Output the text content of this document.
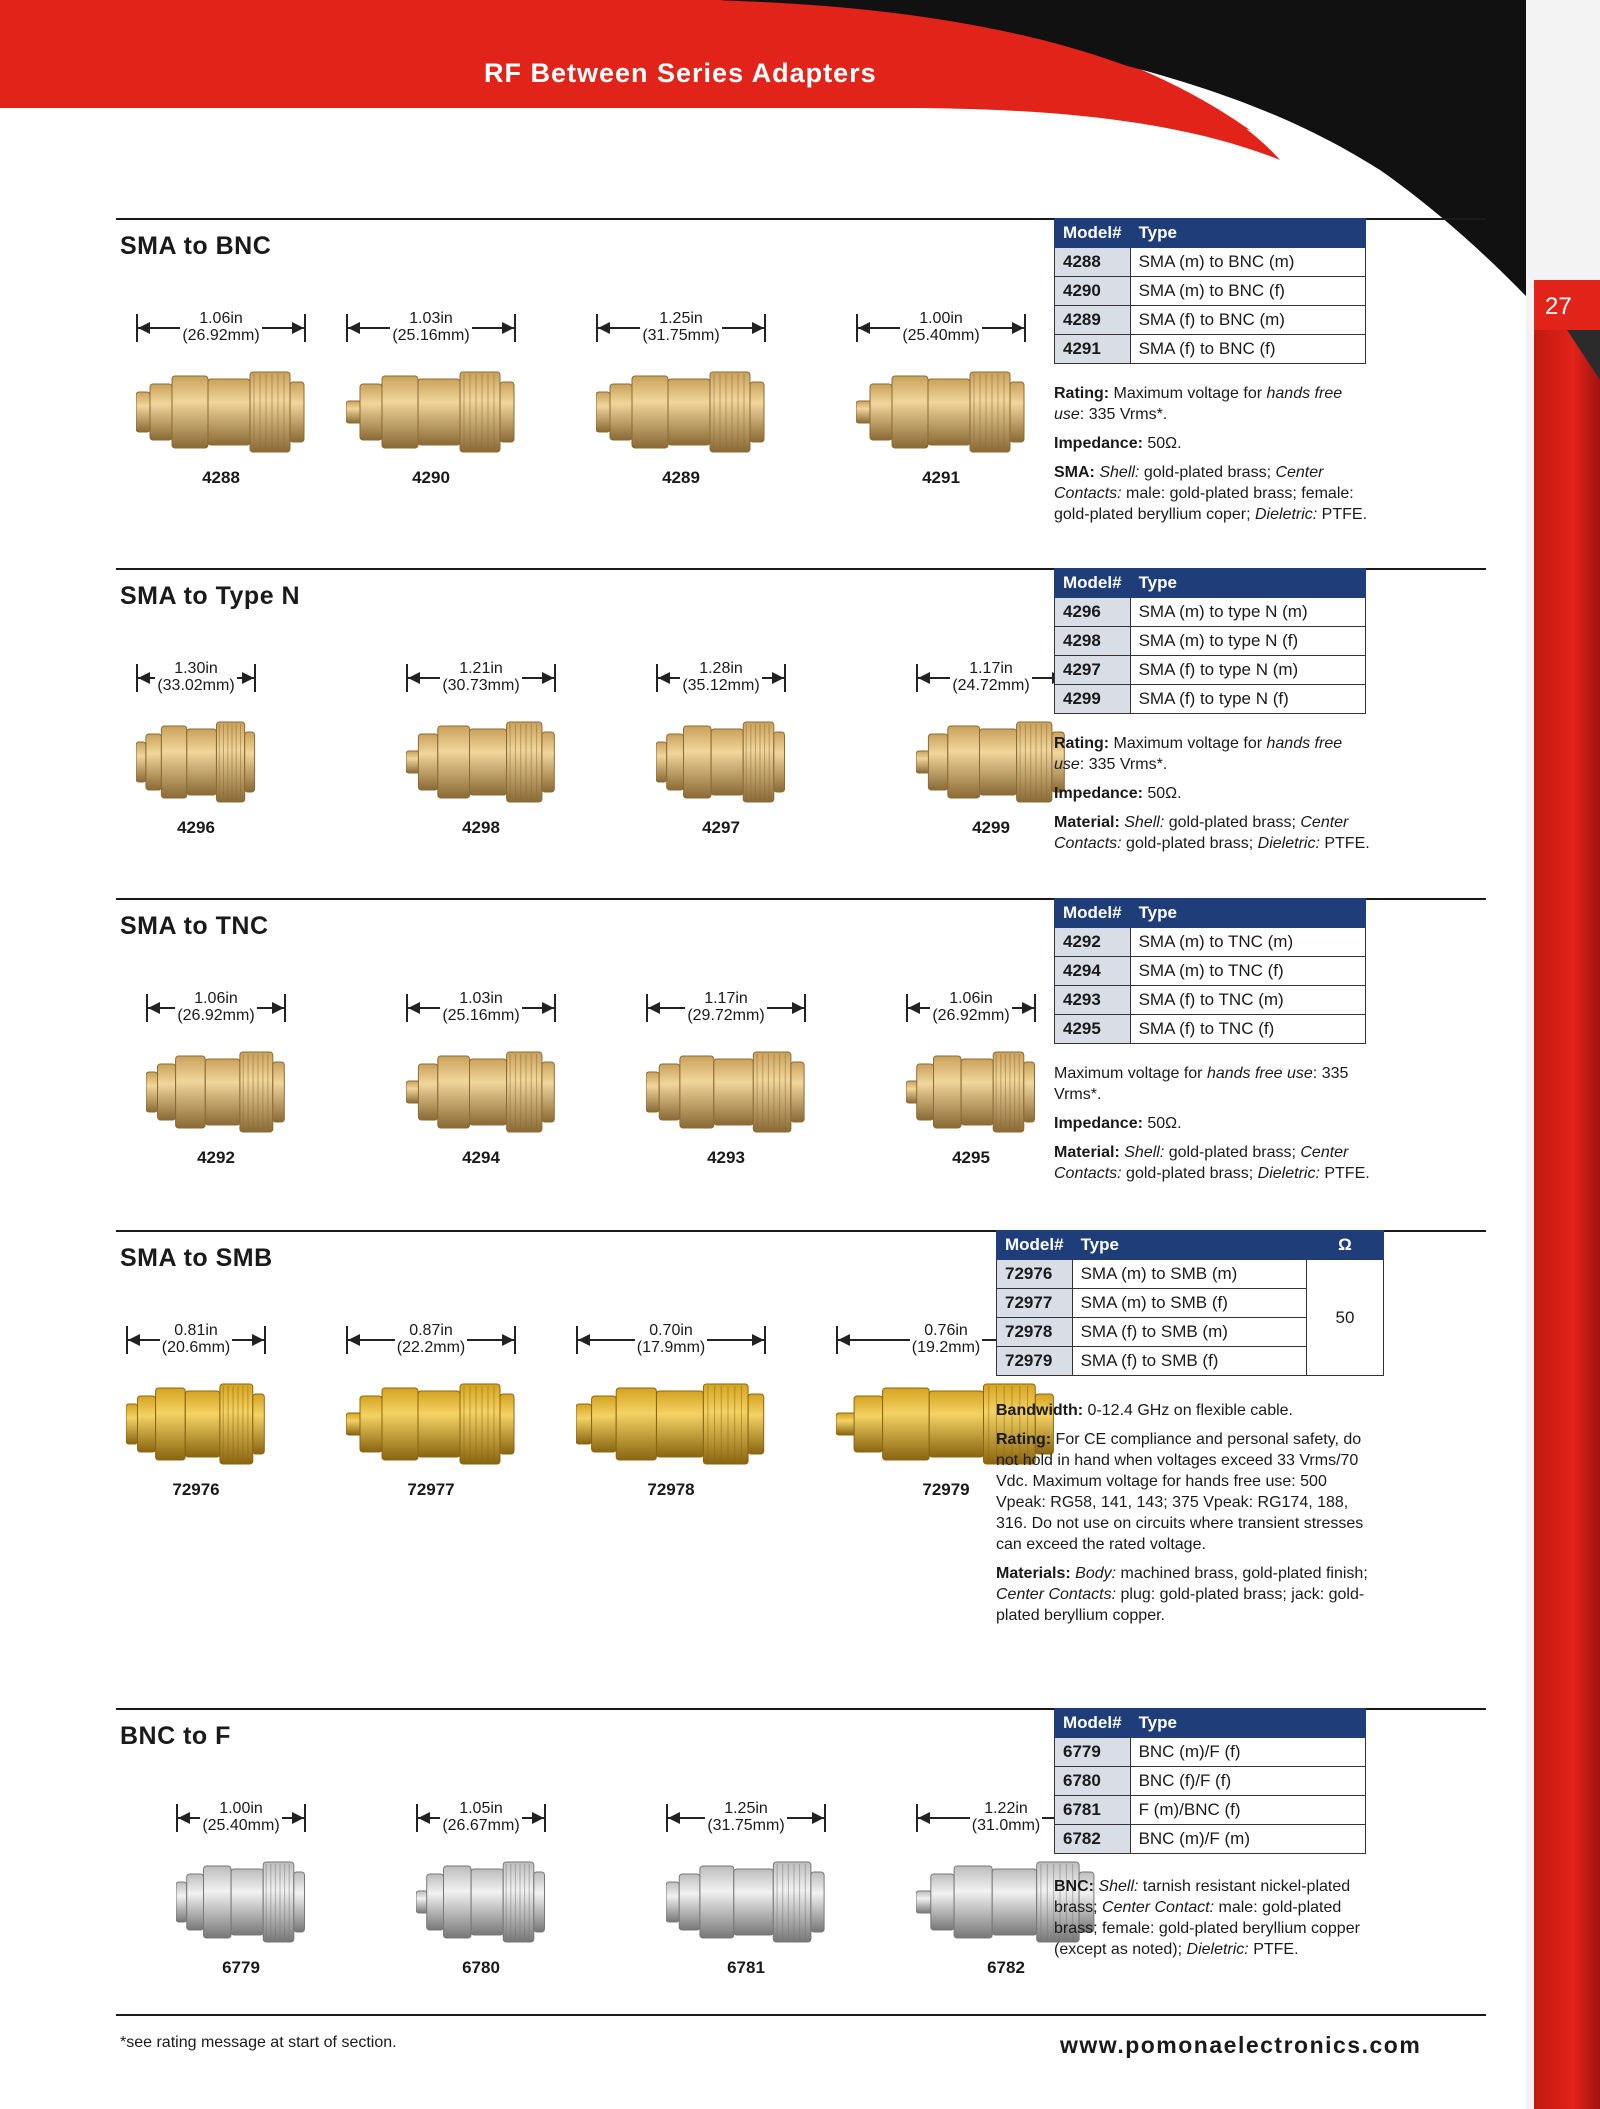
RF Between Series Adapters
27
SMA to BNC
1.06in
(26.92mm)
4288
1.03in
(25.16mm)
4290
1.25in
(31.75mm)
4289
1.00in
(25.40mm)
4291
Model#	Type
4288	SMA (m) to BNC (m)
4290	SMA (m) to BNC (f)
4289	SMA (f) to BNC (m)
4291	SMA (f) to BNC (f)

Rating: Maximum voltage for hands free use: 335 Vrms*.

Impedance: 50Ω.

SMA: Shell: gold-plated brass; Center Contacts: male: gold-plated brass; female: gold-plated beryllium coper; Dieletric: PTFE.

SMA to Type N
1.30in
(33.02mm)
4296
1.21in
(30.73mm)
4298
1.28in
(35.12mm)
4297
1.17in
(24.72mm)
4299
Model#	Type
4296	SMA (m) to type N (m)
4298	SMA (m) to type N (f)
4297	SMA (f) to type N (m)
4299	SMA (f) to type N (f)

Rating: Maximum voltage for hands free use: 335 Vrms*.

Impedance: 50Ω.

Material: Shell: gold-plated brass; Center Contacts: gold-plated brass; Dieletric: PTFE.

SMA to TNC
1.06in
(26.92mm)
4292
1.03in
(25.16mm)
4294
1.17in
(29.72mm)
4293
1.06in
(26.92mm)
4295
Model#	Type
4292	SMA (m) to TNC (m)
4294	SMA (m) to TNC (f)
4293	SMA (f) to TNC (m)
4295	SMA (f) to TNC (f)

Maximum voltage for hands free use: 335 Vrms*.

Impedance: 50Ω.

Material: Shell: gold-plated brass; Center Contacts: gold-plated brass; Dieletric: PTFE.

SMA to SMB
0.81in
(20.6mm)
72976
0.87in
(22.2mm)
72977
0.70in
(17.9mm)
72978
0.76in
(19.2mm)
72979
Model#	Type	Ω
72976	SMA (m) to SMB (m)	50
72977	SMA (m) to SMB (f)	
72978	SMA (f) to SMB (m)	
72979	SMA (f) to SMB (f)	

Bandwidth: 0-12.4 GHz on flexible cable.

Rating: For CE compliance and personal safety, do not hold in hand when voltages exceed 33 Vrms/70 Vdc. Maximum voltage for hands free use: 500 Vpeak: RG58, 141, 143; 375 Vpeak: RG174, 188, 316. Do not use on circuits where transient stresses can exceed the rated voltage.

Materials: Body: machined brass, gold-plated finish; Center Contacts: plug: gold-plated brass; jack: gold-plated beryllium copper.

BNC to F
1.00in
(25.40mm)
6779
1.05in
(26.67mm)
6780
1.25in
(31.75mm)
6781
1.22in
(31.0mm)
6782
Model#	Type
6779	BNC (m)/F (f)
6780	BNC (f)/F (f)
6781	F (m)/BNC (f)
6782	BNC (m)/F (m)

BNC: Shell: tarnish resistant nickel-plated brass; Center Contact: male: gold-plated brass; female: gold-plated beryllium copper (except as noted); Dieletric: PTFE.

*see rating message at start of section.	www.pomonaelectronics.com
